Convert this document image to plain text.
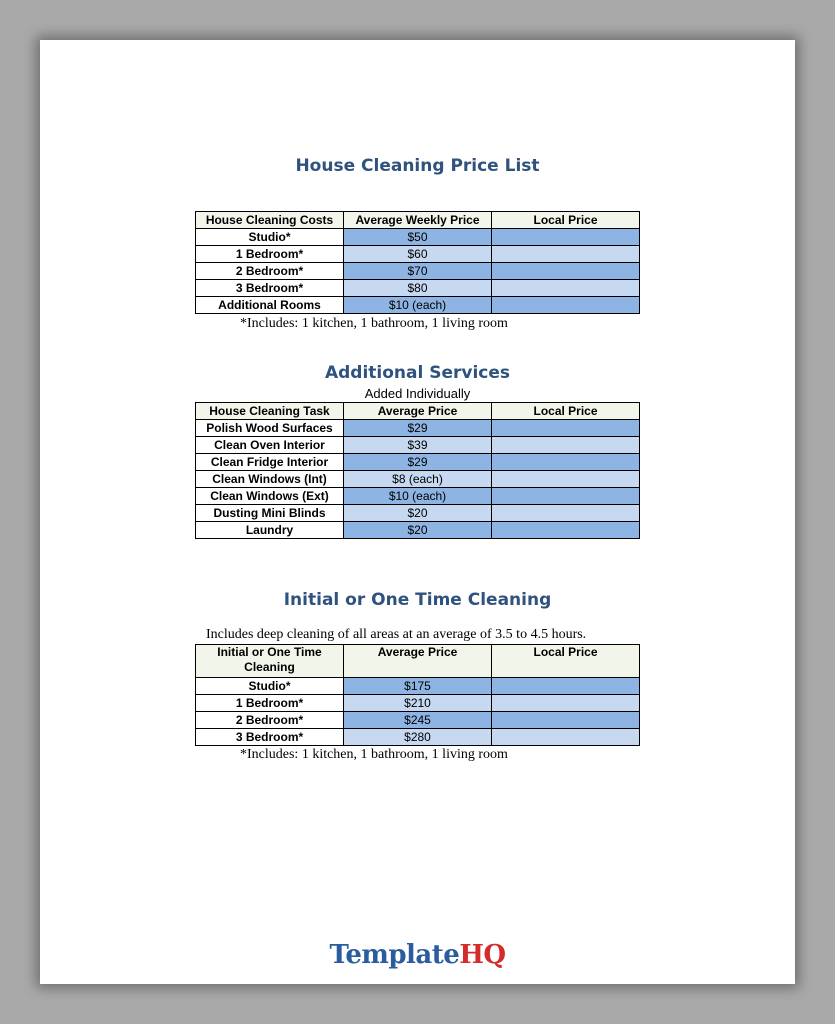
House Cleaning Price List
House Cleaning Costs	Average Weekly Price	Local Price
Studio*	$50	
1 Bedroom*	$60	
2 Bedroom*	$70	
3 Bedroom*	$80	
Additional Rooms	$10 (each)	
*Includes: 1 kitchen, 1 bathroom, 1 living room
Additional Services
Added Individually
House Cleaning Task	Average Price	Local Price
Polish Wood Surfaces	$29	
Clean Oven Interior	$39	
Clean Fridge Interior	$29	
Clean Windows (Int)	$8 (each)	
Clean Windows (Ext)	$10 (each)	
Dusting Mini Blinds	$20	
Laundry	$20	
Initial or One Time Cleaning
Includes deep cleaning of all areas at an average of 3.5 to 4.5 hours.
Initial or One Time Cleaning	Average Price	Local Price
Studio*	$175	
1 Bedroom*	$210	
2 Bedroom*	$245	
3 Bedroom*	$280	
*Includes: 1 kitchen, 1 bathroom, 1 living room
TemplateHQ
